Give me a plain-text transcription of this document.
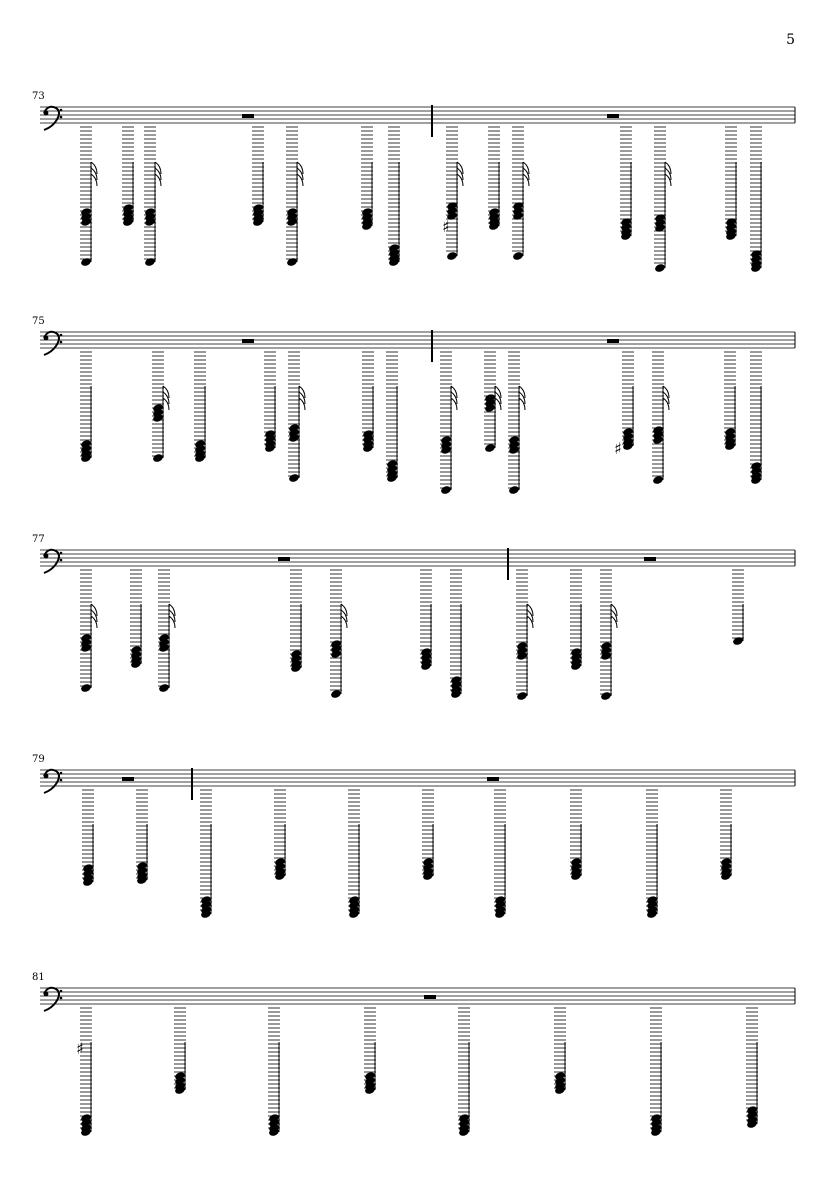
5
73
♯
75
♯
77
79
81
♯
